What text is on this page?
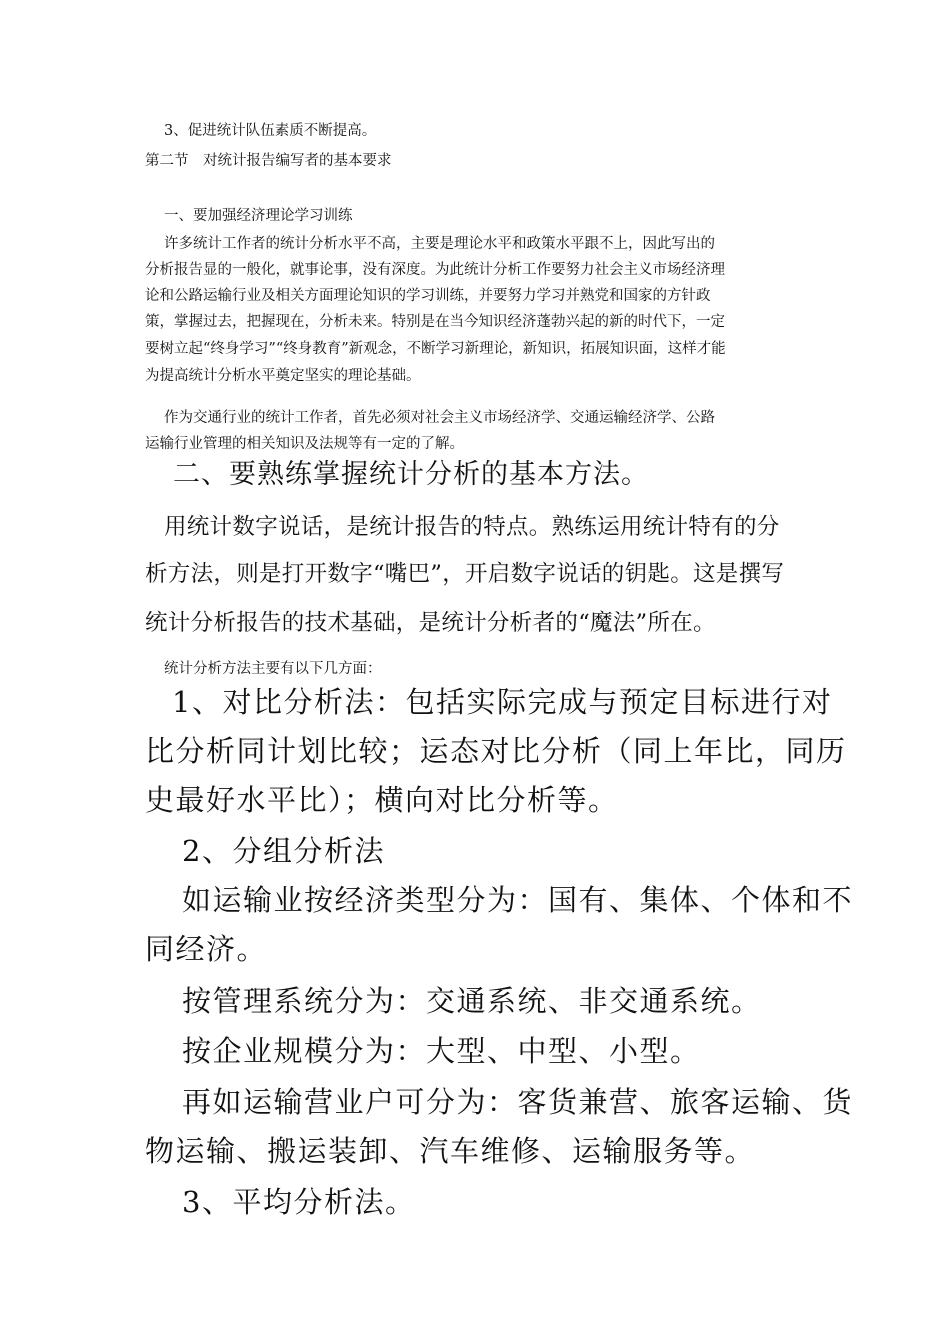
3、促进统计队伍素质不断提高。

第二节　对统计报告编写者的基本要求

一、要加强经济理论学习训练

许多统计工作者的统计分析水平不高，主要是理论水平和政策水平跟不上，因此写出的

分析报告显的一般化，就事论事，没有深度。为此统计分析工作要努力社会主义市场经济理

论和公路运输行业及相关方面理论知识的学习训练，并要努力学习并熟党和国家的方针政

策，掌握过去，把握现在，分析未来。特别是在当今知识经济蓬勃兴起的新的时代下，一定

要树立起“终身学习”“终身教育”新观念，不断学习新理论，新知识，拓展知识面，这样才能

为提高统计分析水平奠定坚实的理论基础。

作为交通行业的统计工作者，首先必须对社会主义市场经济学、交通运输经济学、公路

运输行业管理的相关知识及法规等有一定的了解。

二、要熟练掌握统计分析的基本方法。

用统计数字说话，是统计报告的特点。熟练运用统计特有的分

析方法，则是打开数字“嘴巴”，开启数字说话的钥匙。这是撰写

统计分析报告的技术基础，是统计分析者的“魔法”所在。

统计分析方法主要有以下几方面：

1、对比分析法：包括实际完成与预定目标进行对

比分析同计划比较；运态对比分析（同上年比，同历

史最好水平比）；横向对比分析等。

2、分组分析法

如运输业按经济类型分为：国有、集体、个体和不

同经济。

按管理系统分为：交通系统、非交通系统。

按企业规模分为：大型、中型、小型。

再如运输营业户可分为：客货兼营、旅客运输、货

物运输、搬运装卸、汽车维修、运输服务等。

3、平均分析法。
